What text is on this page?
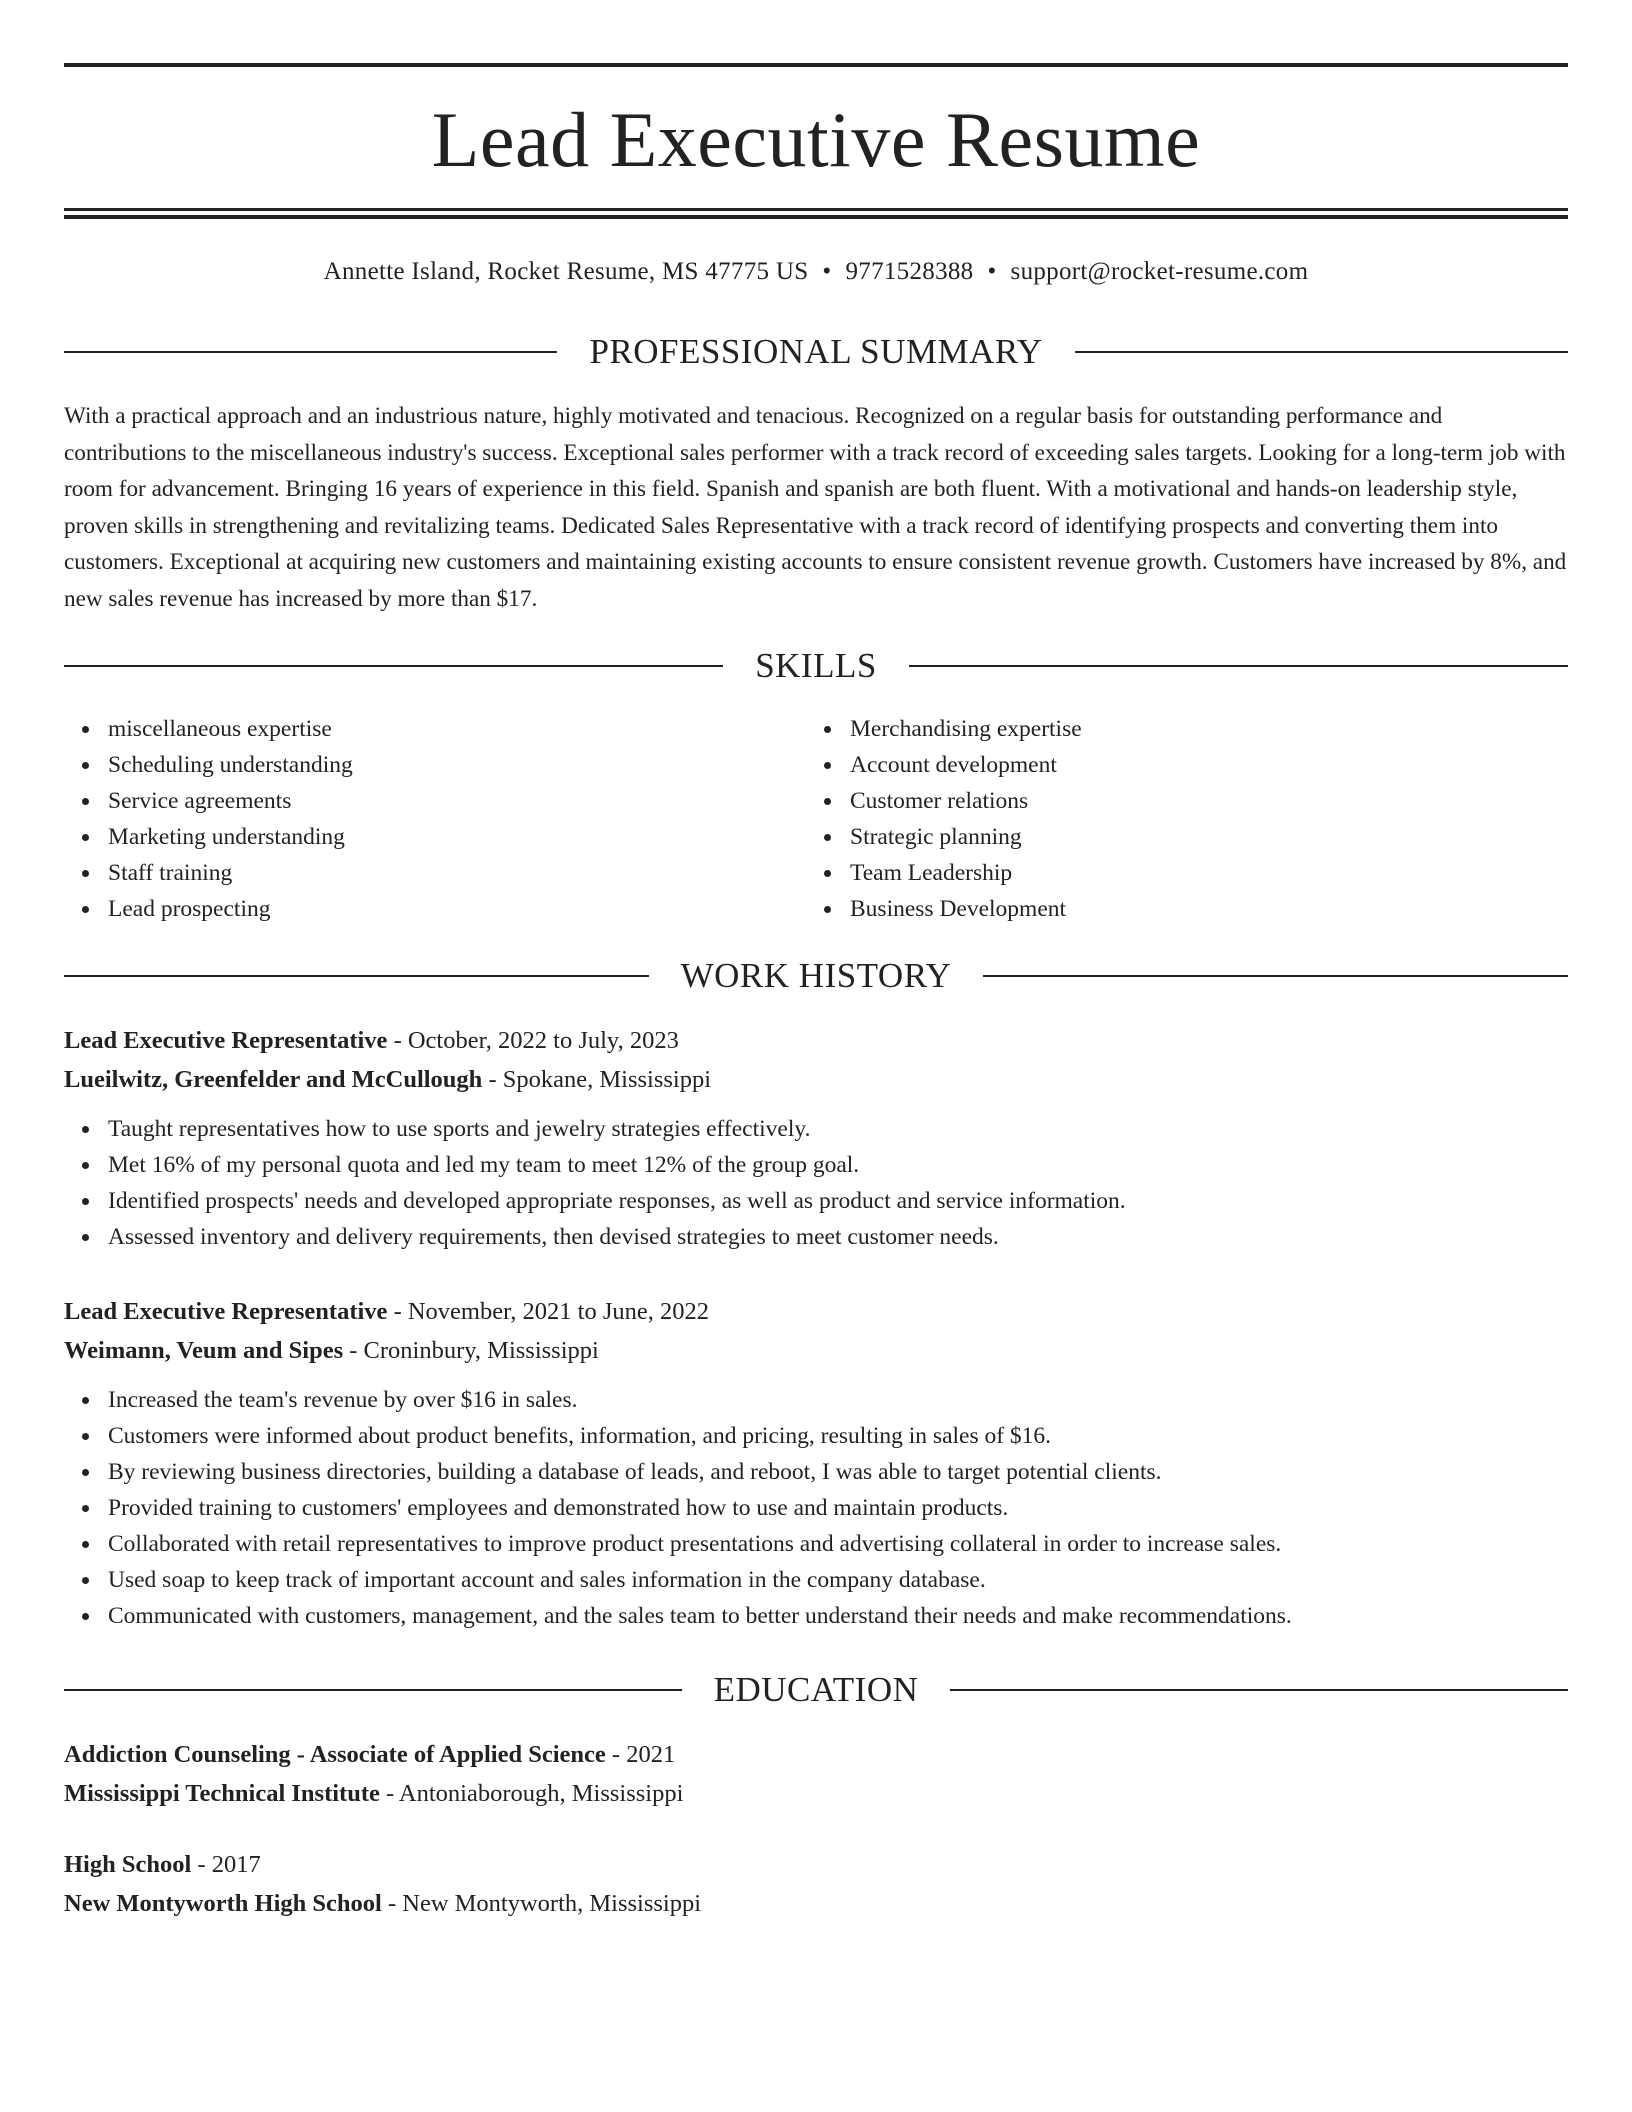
Lead Executive Resume
Annette Island, Rocket Resume, MS 47775 US • 9771528388 • support@rocket-resume.com
PROFESSIONAL SUMMARY

With a practical approach and an industrious nature, highly motivated and tenacious. Recognized on a regular basis for outstanding performance and contributions to the miscellaneous industry's success. Exceptional sales performer with a track record of exceeding sales targets. Looking for a long-term job with room for advancement. Bringing 16 years of experience in this field. Spanish and spanish are both fluent. With a motivational and hands-on leadership style, proven skills in strengthening and revitalizing teams. Dedicated Sales Representative with a track record of identifying prospects and converting them into customers. Exceptional at acquiring new customers and maintaining existing accounts to ensure consistent revenue growth. Customers have increased by 8%, and new sales revenue has increased by more than $17.

SKILLS
miscellaneous expertise
Scheduling understanding
Service agreements
Marketing understanding
Staff training
Lead prospecting
Merchandising expertise
Account development
Customer relations
Strategic planning
Team Leadership
Business Development
WORK HISTORY
Lead Executive Representative - October, 2022 to July, 2023
Lueilwitz, Greenfelder and McCullough - Spokane, Mississippi
Taught representatives how to use sports and jewelry strategies effectively.
Met 16% of my personal quota and led my team to meet 12% of the group goal.
Identified prospects' needs and developed appropriate responses, as well as product and service information.
Assessed inventory and delivery requirements, then devised strategies to meet customer needs.
Lead Executive Representative - November, 2021 to June, 2022
Weimann, Veum and Sipes - Croninbury, Mississippi
Increased the team's revenue by over $16 in sales.
Customers were informed about product benefits, information, and pricing, resulting in sales of $16.
By reviewing business directories, building a database of leads, and reboot, I was able to target potential clients.
Provided training to customers' employees and demonstrated how to use and maintain products.
Collaborated with retail representatives to improve product presentations and advertising collateral in order to increase sales.
Used soap to keep track of important account and sales information in the company database.
Communicated with customers, management, and the sales team to better understand their needs and make recommendations.
EDUCATION
Addiction Counseling - Associate of Applied Science - 2021
Mississippi Technical Institute - Antoniaborough, Mississippi
High School - 2017
New Montyworth High School - New Montyworth, Mississippi
